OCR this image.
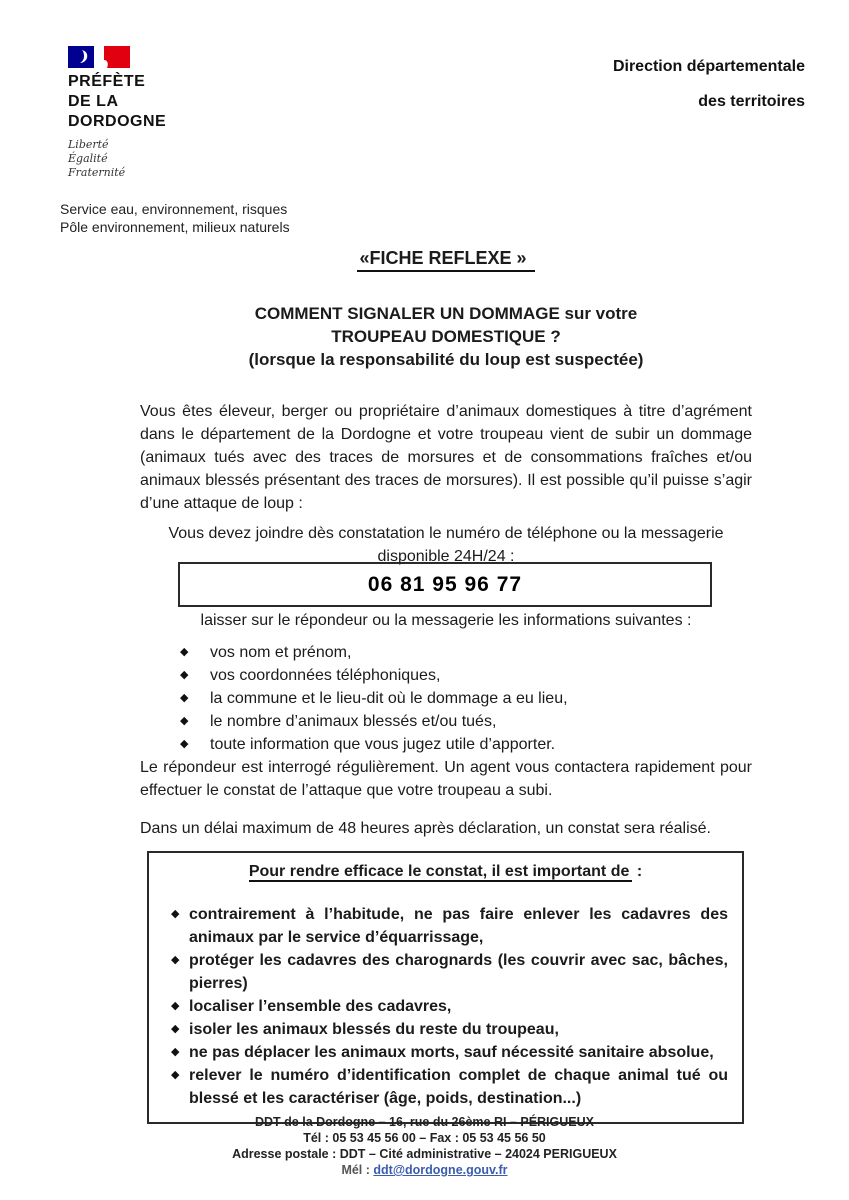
PRÉFÈTE
DE LA
DORDOGNE
Liberté
Égalité
Fraternité
Direction départementale
des territoires
Service eau, environnement, risques
Pôle environnement, milieux naturels
«FICHE REFLEXE »
COMMENT SIGNALER UN DOMMAGE sur votre
TROUPEAU DOMESTIQUE ?
(lorsque la responsabilité du loup est suspectée)
Vous êtes éleveur, berger ou propriétaire d’animaux domestiques à titre d’agrément dans le département de la Dordogne et votre troupeau vient de subir un dommage (animaux tués avec des traces de morsures et de consommations fraîches et/ou animaux blessés présentant des traces de morsures). Il est possible qu’il puisse s’agir d’une attaque de loup :
Vous devez joindre dès constatation le numéro de téléphone ou la messagerie
disponible 24H/24 :
06 81 95 96 77
laisser sur le répondeur ou la messagerie les informations suivantes :
◆	vos nom et prénom,
◆	vos coordonnées téléphoniques,
◆	la commune et le lieu-dit où le dommage a eu lieu,
◆	le nombre d’animaux blessés et/ou tués,
◆	toute information que vous jugez utile d’apporter.
Le répondeur est interrogé régulièrement. Un agent vous contactera rapidement pour effectuer le constat de l’attaque que votre troupeau a subi.
Dans un délai maximum de 48 heures après déclaration, un constat sera réalisé.
Pour rendre efficace le constat, il est important de :
◆ contrairement à l’habitude, ne pas faire enlever les cadavres des animaux par le service d’équarrissage,
◆ protéger les cadavres des charognards (les couvrir avec sac, bâches, pierres)
◆ localiser l’ensemble des cadavres,
◆ isoler les animaux blessés du reste du troupeau,
◆ ne pas déplacer les animaux morts, sauf nécessité sanitaire absolue,
◆ relever le numéro d’identification complet de chaque animal tué ou blessé et les caractériser (âge, poids, destination...)
DDT de la Dordogne – 16, rue du 26ème RI – PÉRIGUEUX
Tél : 05 53 45 56 00 – Fax : 05 53 45 56 50
Adresse postale : DDT – Cité administrative – 24024 PERIGUEUX
Mél : ddt@dordogne.gouv.fr
